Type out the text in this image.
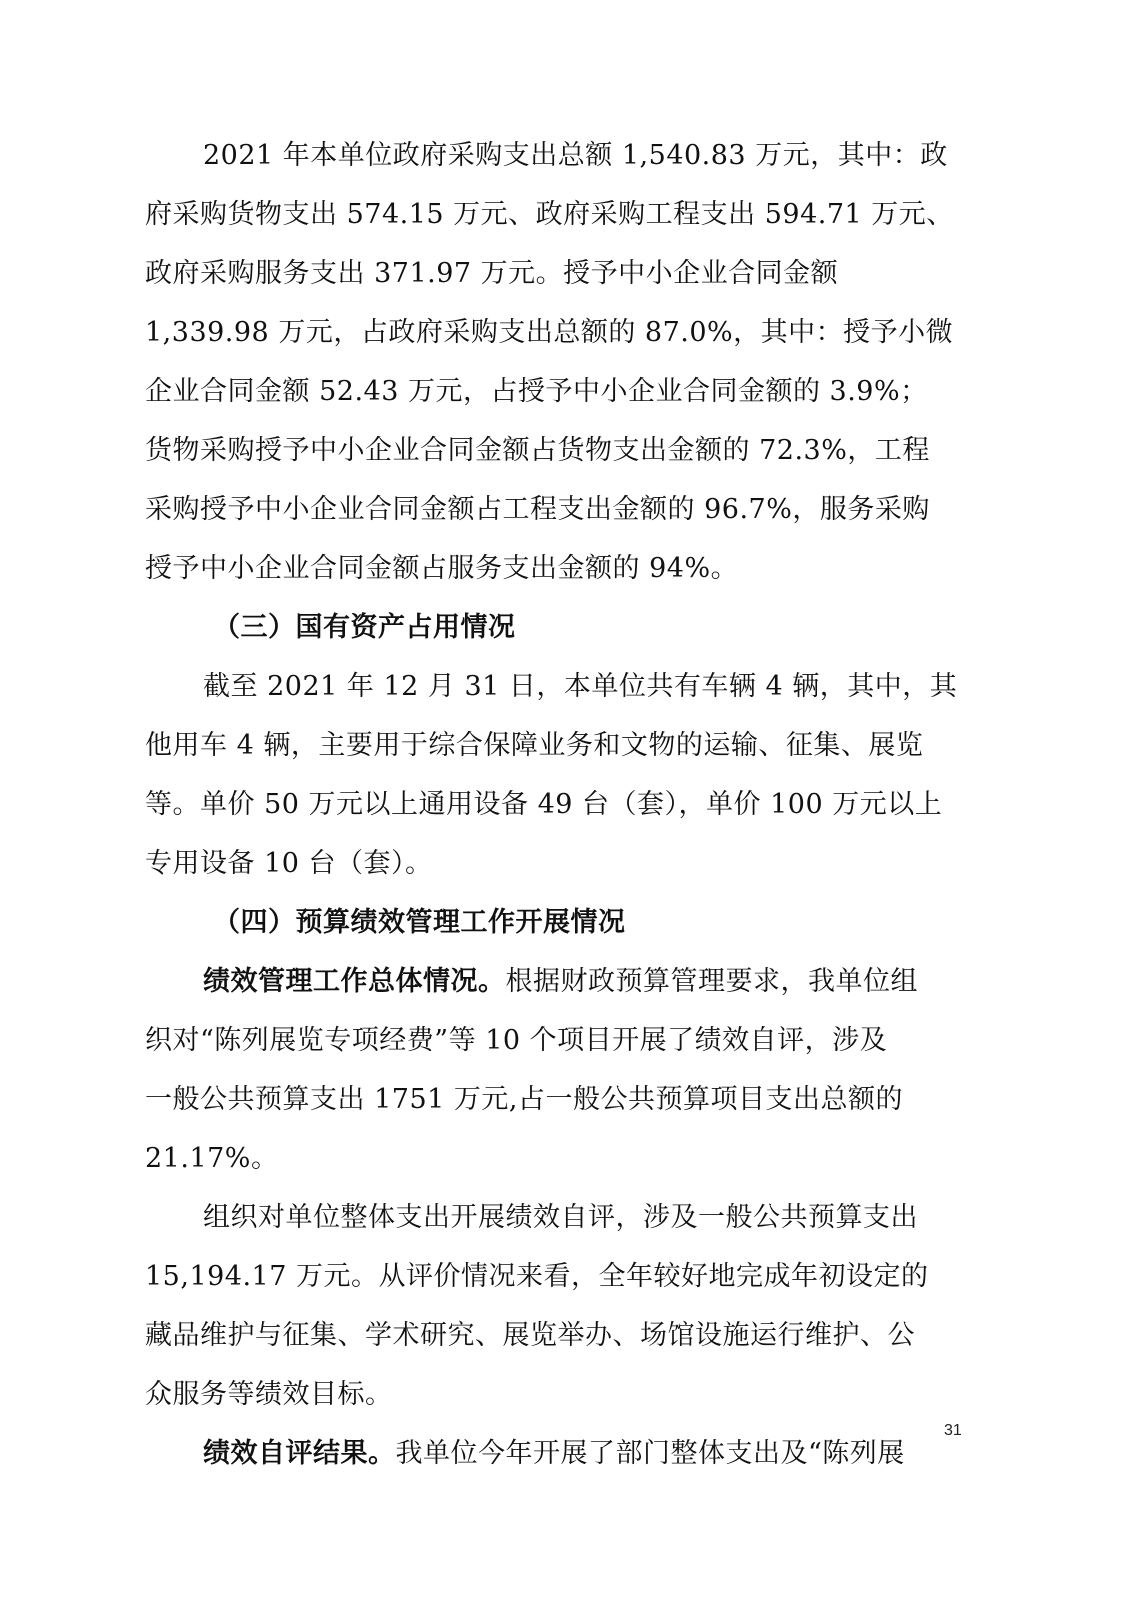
2021 年本单位政府采购支出总额 1,540.83 万元，其中：政
府采购货物支出 574.15 万元、政府采购工程支出 594.71 万元、
政府采购服务支出 371.97 万元。授予中小企业合同金额
1,339.98 万元，占政府采购支出总额的 87.0%，其中：授予小微
企业合同金额 52.43 万元，占授予中小企业合同金额的 3.9%；
货物采购授予中小企业合同金额占货物支出金额的 72.3%，工程
采购授予中小企业合同金额占工程支出金额的 96.7%，服务采购
授予中小企业合同金额占服务支出金额的 94%。
（三）国有资产占用情况
截至 2021 年 12 月 31 日，本单位共有车辆 4 辆，其中，其
他用车 4 辆，主要用于综合保障业务和文物的运输、征集、展览
等。单价 50 万元以上通用设备 49 台（套），单价 100 万元以上
专用设备 10 台（套）。
（四）预算绩效管理工作开展情况
绩效管理工作总体情况。根据财政预算管理要求，我单位组
织对“陈列展览专项经费”等 10 个项目开展了绩效自评，涉及
一般公共预算支出 1751 万元,占一般公共预算项目支出总额的
21.17%。
组织对单位整体支出开展绩效自评，涉及一般公共预算支出
15,194.17 万元。从评价情况来看，全年较好地完成年初设定的
藏品维护与征集、学术研究、展览举办、场馆设施运行维护、公
众服务等绩效目标。
绩效自评结果。我单位今年开展了部门整体支出及“陈列展
31
